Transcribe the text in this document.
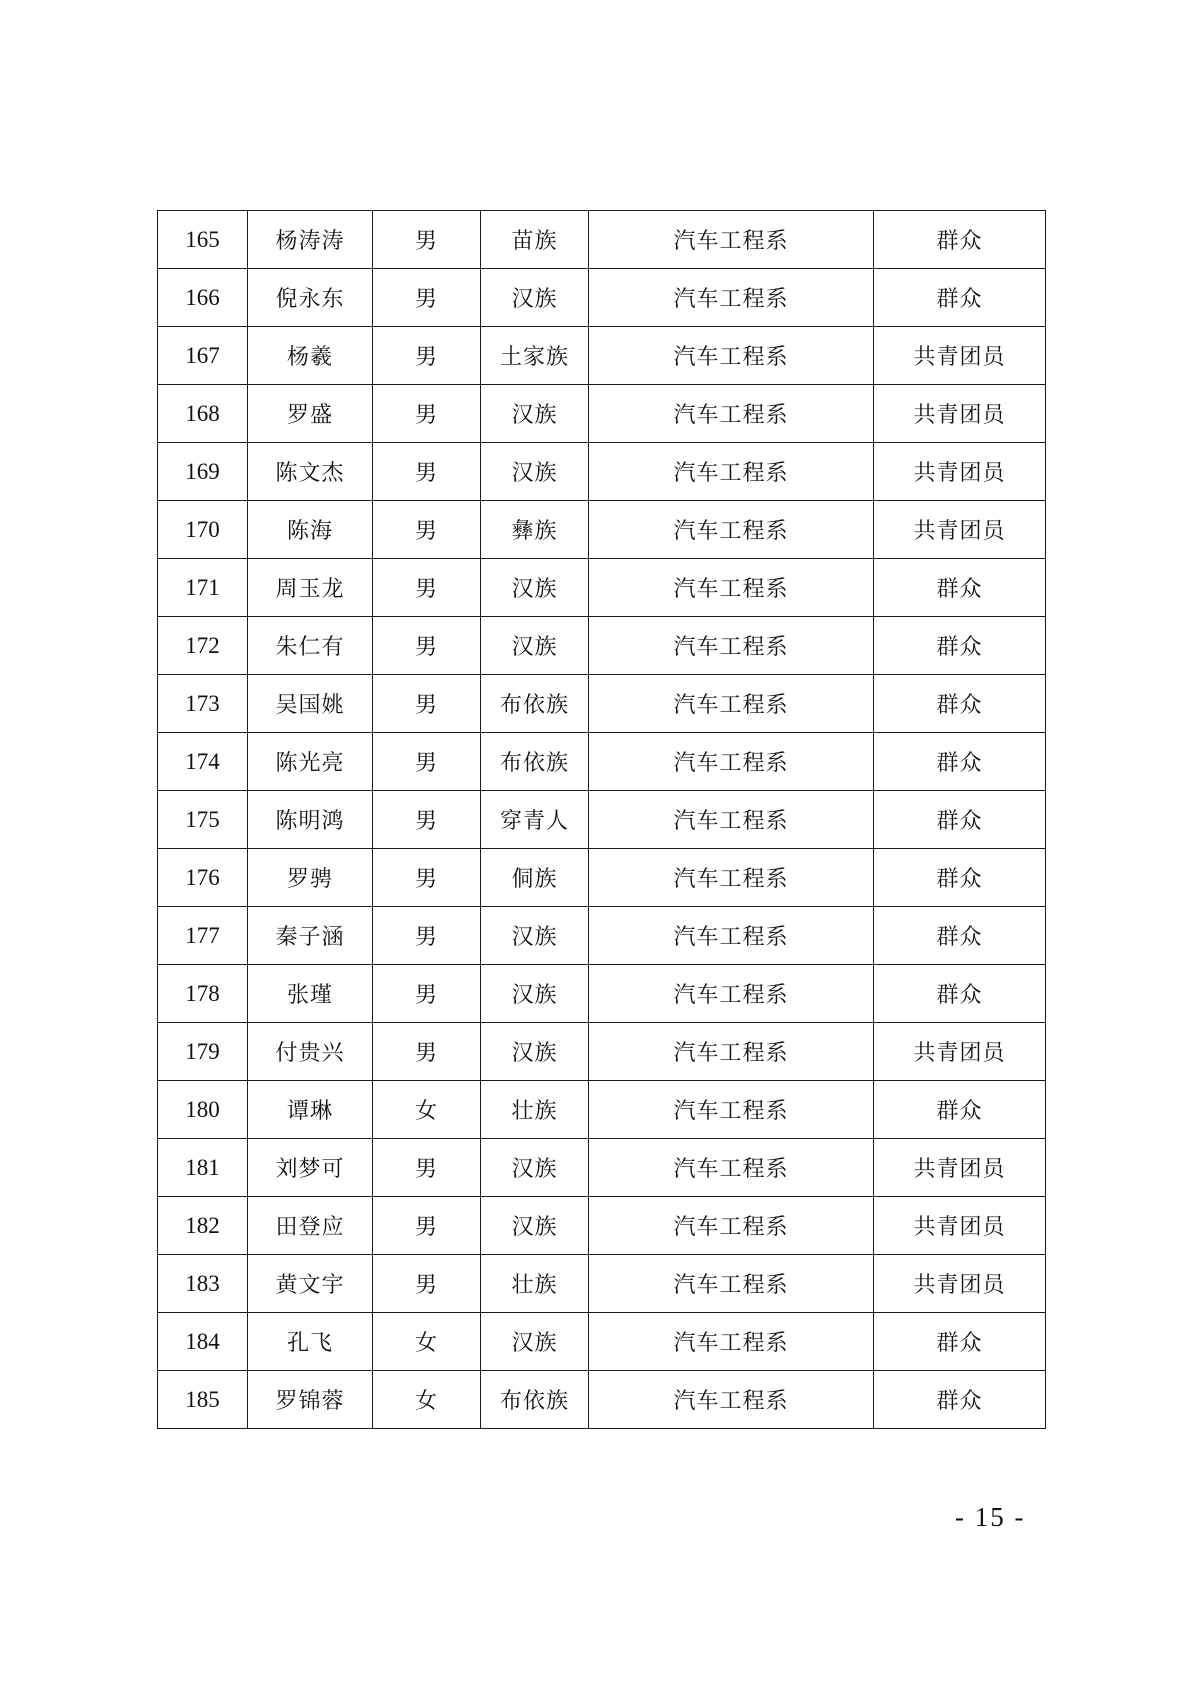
165	杨涛涛	男	苗族	汽车工程系	群众
166	倪永东	男	汉族	汽车工程系	群众
167	杨羲	男	土家族	汽车工程系	共青团员
168	罗盛	男	汉族	汽车工程系	共青团员
169	陈文杰	男	汉族	汽车工程系	共青团员
170	陈海	男	彝族	汽车工程系	共青团员
171	周玉龙	男	汉族	汽车工程系	群众
172	朱仁有	男	汉族	汽车工程系	群众
173	吴国姚	男	布依族	汽车工程系	群众
174	陈光亮	男	布依族	汽车工程系	群众
175	陈明鸿	男	穿青人	汽车工程系	群众
176	罗骋	男	侗族	汽车工程系	群众
177	秦子涵	男	汉族	汽车工程系	群众
178	张瑾	男	汉族	汽车工程系	群众
179	付贵兴	男	汉族	汽车工程系	共青团员
180	谭琳	女	壮族	汽车工程系	群众
181	刘梦可	男	汉族	汽车工程系	共青团员
182	田登应	男	汉族	汽车工程系	共青团员
183	黄文宇	男	壮族	汽车工程系	共青团员
184	孔飞	女	汉族	汽车工程系	群众
185	罗锦蓉	女	布依族	汽车工程系	群众
- 15 -
